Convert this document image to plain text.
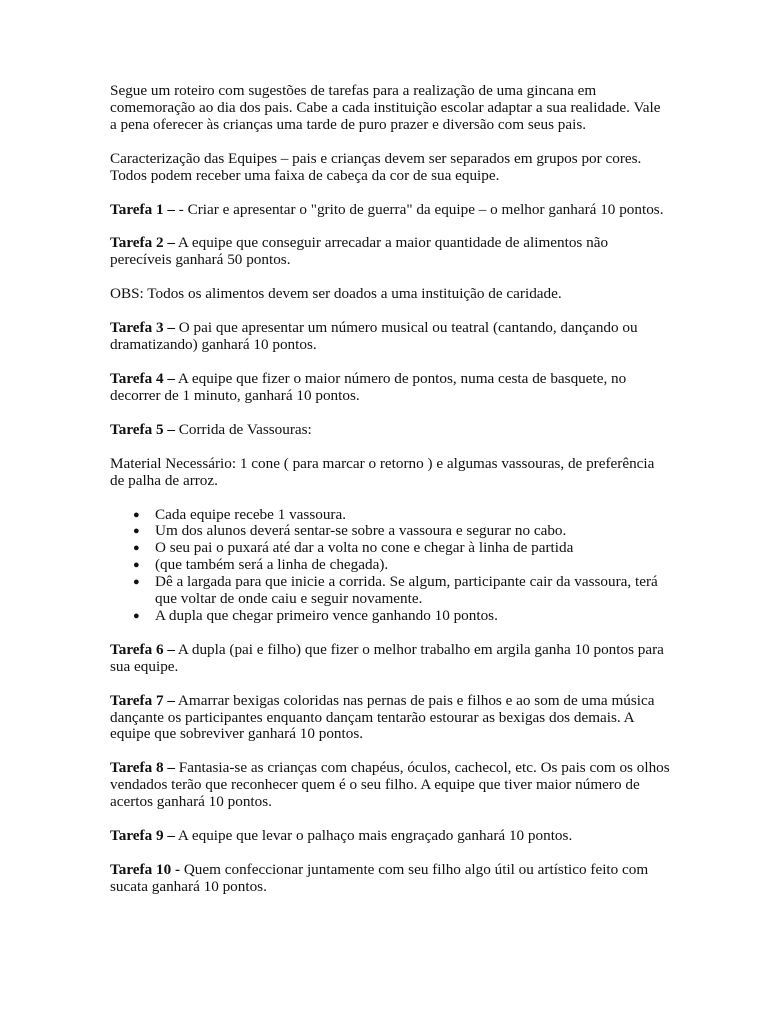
Segue um roteiro com sugestões de tarefas para a realização de uma gincana em comemoração ao dia dos pais. Cabe a cada instituição escolar adaptar a sua realidade. Vale a pena oferecer às crianças uma tarde de puro prazer e diversão com seus pais.

Caracterização das Equipes – pais e crianças devem ser separados em grupos por cores. Todos podem receber uma faixa de cabeça da cor de sua equipe.

Tarefa 1 – - Criar e apresentar o "grito de guerra" da equipe – o melhor ganhará 10 pontos.

Tarefa 2 – A equipe que conseguir arrecadar a maior quantidade de alimentos não perecíveis ganhará 50 pontos.

OBS: Todos os alimentos devem ser doados a uma instituição de caridade.

Tarefa 3 – O pai que apresentar um número musical ou teatral (cantando, dançando ou dramatizando) ganhará 10 pontos.

Tarefa 4 – A equipe que fizer o maior número de pontos, numa cesta de basquete, no decorrer de 1 minuto, ganhará 10 pontos.

Tarefa 5 – Corrida de Vassouras:

Material Necessário: 1 cone ( para marcar o retorno ) e algumas vassouras, de preferência de palha de arroz.

● Cada equipe recebe 1 vassoura.
● Um dos alunos deverá sentar-se sobre a vassoura e segurar no cabo.
● O seu pai o puxará até dar a volta no cone e chegar à linha de partida
● (que também será a linha de chegada).
● Dê a largada para que inicie a corrida. Se algum, participante cair da vassoura, terá que voltar de onde caiu e seguir novamente.
● A dupla que chegar primeiro vence ganhando 10 pontos.

Tarefa 6 – A dupla (pai e filho) que fizer o melhor trabalho em argila ganha 10 pontos para sua equipe.

Tarefa 7 – Amarrar bexigas coloridas nas pernas de pais e filhos e ao som de uma música dançante os participantes enquanto dançam tentarão estourar as bexigas dos demais. A equipe que sobreviver ganhará 10 pontos.

Tarefa 8 – Fantasia-se as crianças com chapéus, óculos, cachecol, etc. Os pais com os olhos vendados terão que reconhecer quem é o seu filho. A equipe que tiver maior número de acertos ganhará 10 pontos.

Tarefa 9 – A equipe que levar o palhaço mais engraçado ganhará 10 pontos.

Tarefa 10 - Quem confeccionar juntamente com seu filho algo útil ou artístico feito com sucata ganhará 10 pontos.
